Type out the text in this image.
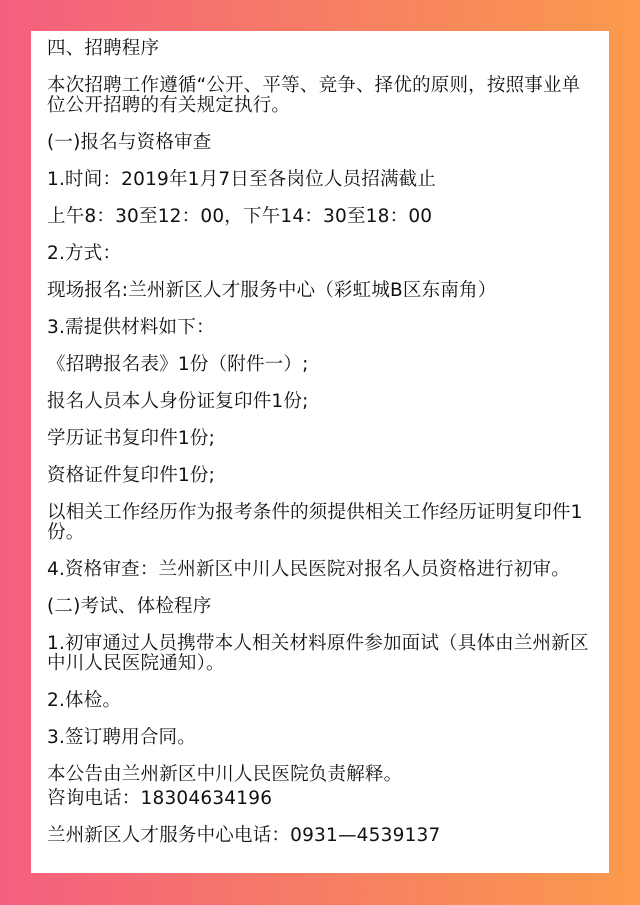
四、招聘程序

本次招聘工作遵循“公开、平等、竞争、择优的原则，按照事业单位公开招聘的有关规定执行。

(一)报名与资格审查

1.时间：2019年1月7日至各岗位人员招满截止

上午8：30至12：00，下午14：30至18：00

2.方式：

现场报名:兰州新区人才服务中心（彩虹城B区东南角）

3.需提供材料如下：

《招聘报名表》1份（附件一）;

报名人员本人身份证复印件1份;

学历证书复印件1份;

资格证件复印件1份;

以相关工作经历作为报考条件的须提供相关工作经历证明复印件1份。

4.资格审查：兰州新区中川人民医院对报名人员资格进行初审。

(二)考试、体检程序

1.初审通过人员携带本人相关材料原件参加面试（具体由兰州新区中川人民医院通知）。

2.体检。

3.签订聘用合同。

本公告由兰州新区中川人民医院负责解释。

咨询电话：18304634196

兰州新区人才服务中心电话：0931—4539137
